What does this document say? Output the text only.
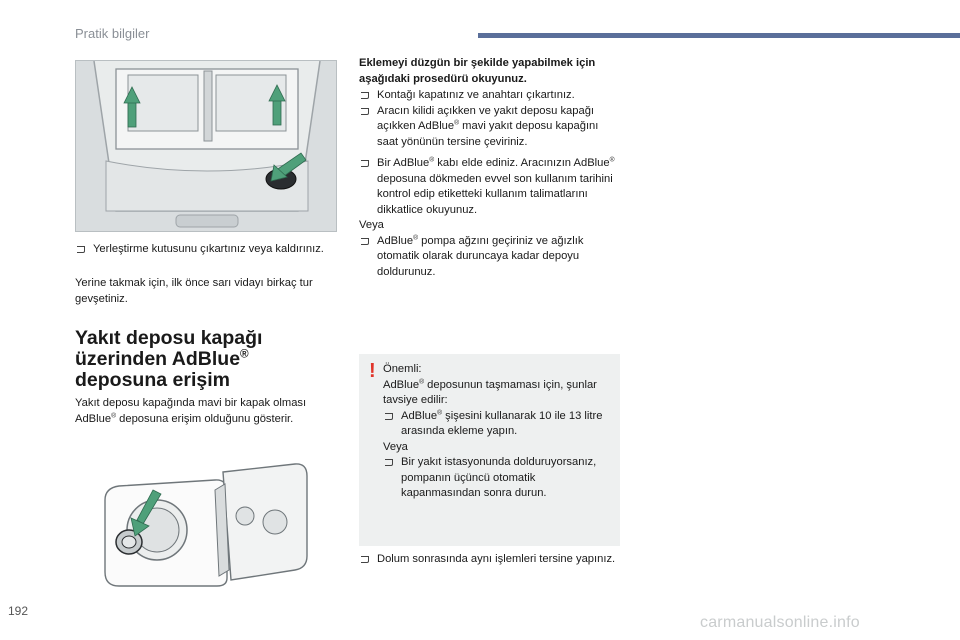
Pratik bilgiler

Yerleştirme kutusunu çıkartınız veya kaldırınız.

Yerine takmak için, ilk önce sarı vidayı birkaç tur gevşetiniz.

Yakıt deposu kapağı
üzerinden AdBlue®
deposuna erişim

Yakıt deposu kapağında mavi bir kapak olması
AdBlue® deposuna erişim olduğunu gösterir.

Eklemeyi düzgün bir şekilde yapabilmek için aşağıdaki prosedürü okuyunuz.

Kontağı kapatınız ve anahtarı çıkartınız.

Aracın kilidi açıkken ve yakıt deposu kapağı açıkken AdBlue® mavi yakıt deposu kapağını saat yönünün tersine çeviriniz.

Bir AdBlue® kabı elde ediniz. Aracınızın AdBlue® deposuna dökmeden evvel son kullanım tarihini kontrol edip etiketteki kullanım talimatlarını dikkatlice okuyunuz.

Veya

AdBlue® pompa ağzını geçiriniz ve ağızlık otomatik olarak duruncaya kadar depoyu doldurunuz.

! Önemli:

AdBlue® deposunun taşmaması için, şunlar tavsiye edilir:

AdBlue® şişesini kullanarak 10 ile 13 litre arasında ekleme yapın.

Veya

Bir yakıt istasyonunda dolduruyorsanız, pompanın üçüncü otomatik kapanmasından sonra durun.

Dolum sonrasında aynı işlemleri tersine yapınız.

192
carmanualsonline.info
